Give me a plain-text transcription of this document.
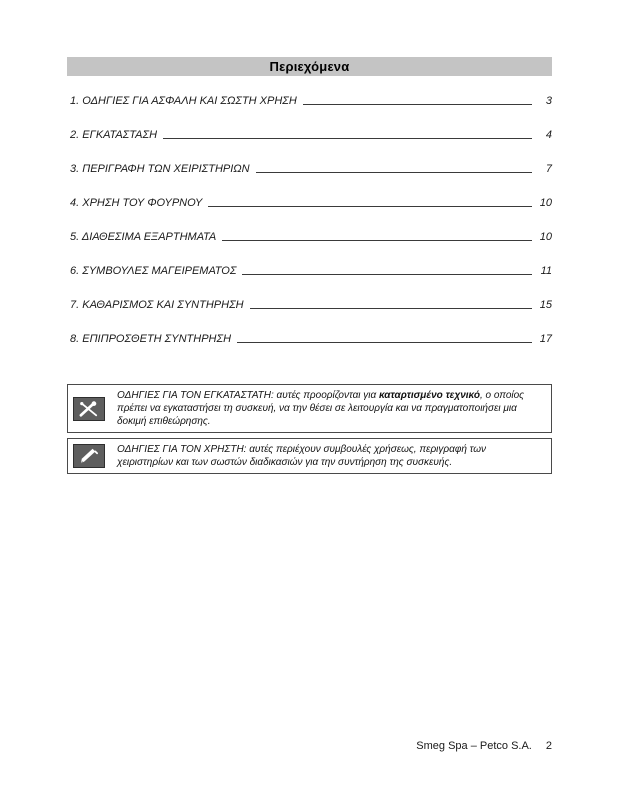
Περιεχόμενα
1. ΟΔΗΓΙΕΣ ΓΙΑ ΑΣΦΑΛΗ ΚΑΙ ΣΩΣΤΗ ΧΡΗΣΗ	3
2. ΕΓΚΑΤΑΣΤΑΣΗ	4
3. ΠΕΡΙΓΡΑΦΗ ΤΩΝ ΧΕΙΡΙΣΤΗΡΙΩΝ	7
4. ΧΡΗΣΗ ΤΟΥ ΦΟΥΡΝΟΥ	10
5. ΔΙΑΘΕΣΙΜΑ ΕΞΑΡΤΗΜΑΤΑ	10
6. ΣΥΜΒΟΥΛΕΣ ΜΑΓΕΙΡΕΜΑΤΟΣ	11
7. ΚΑΘΑΡΙΣΜΟΣ ΚΑΙ ΣΥΝΤΗΡΗΣΗ	15
8. ΕΠΙΠΡΟΣΘΕΤΗ ΣΥΝΤΗΡΗΣΗ	17
ΟΔΗΓΙΕΣ ΓΙΑ ΤΟΝ ΕΓΚΑΤΑΣΤΑΤΗ: αυτές προορίζονται για καταρτισμένο τεχνικό, ο οποίος πρέπει να εγκαταστήσει τη συσκευή, να την θέσει σε λειτουργία και να πραγματοποιήσει μια δοκιμή επιθεώρησης.
ΟΔΗΓΙΕΣ ΓΙΑ ΤΟΝ ΧΡΗΣΤΗ: αυτές περιέχουν συμβουλές χρήσεως, περιγραφή των χειριστηρίων και των σωστών διαδικασιών για την συντήρηση της συσκευής.
Smeg Spa – Petco S.A. 2
